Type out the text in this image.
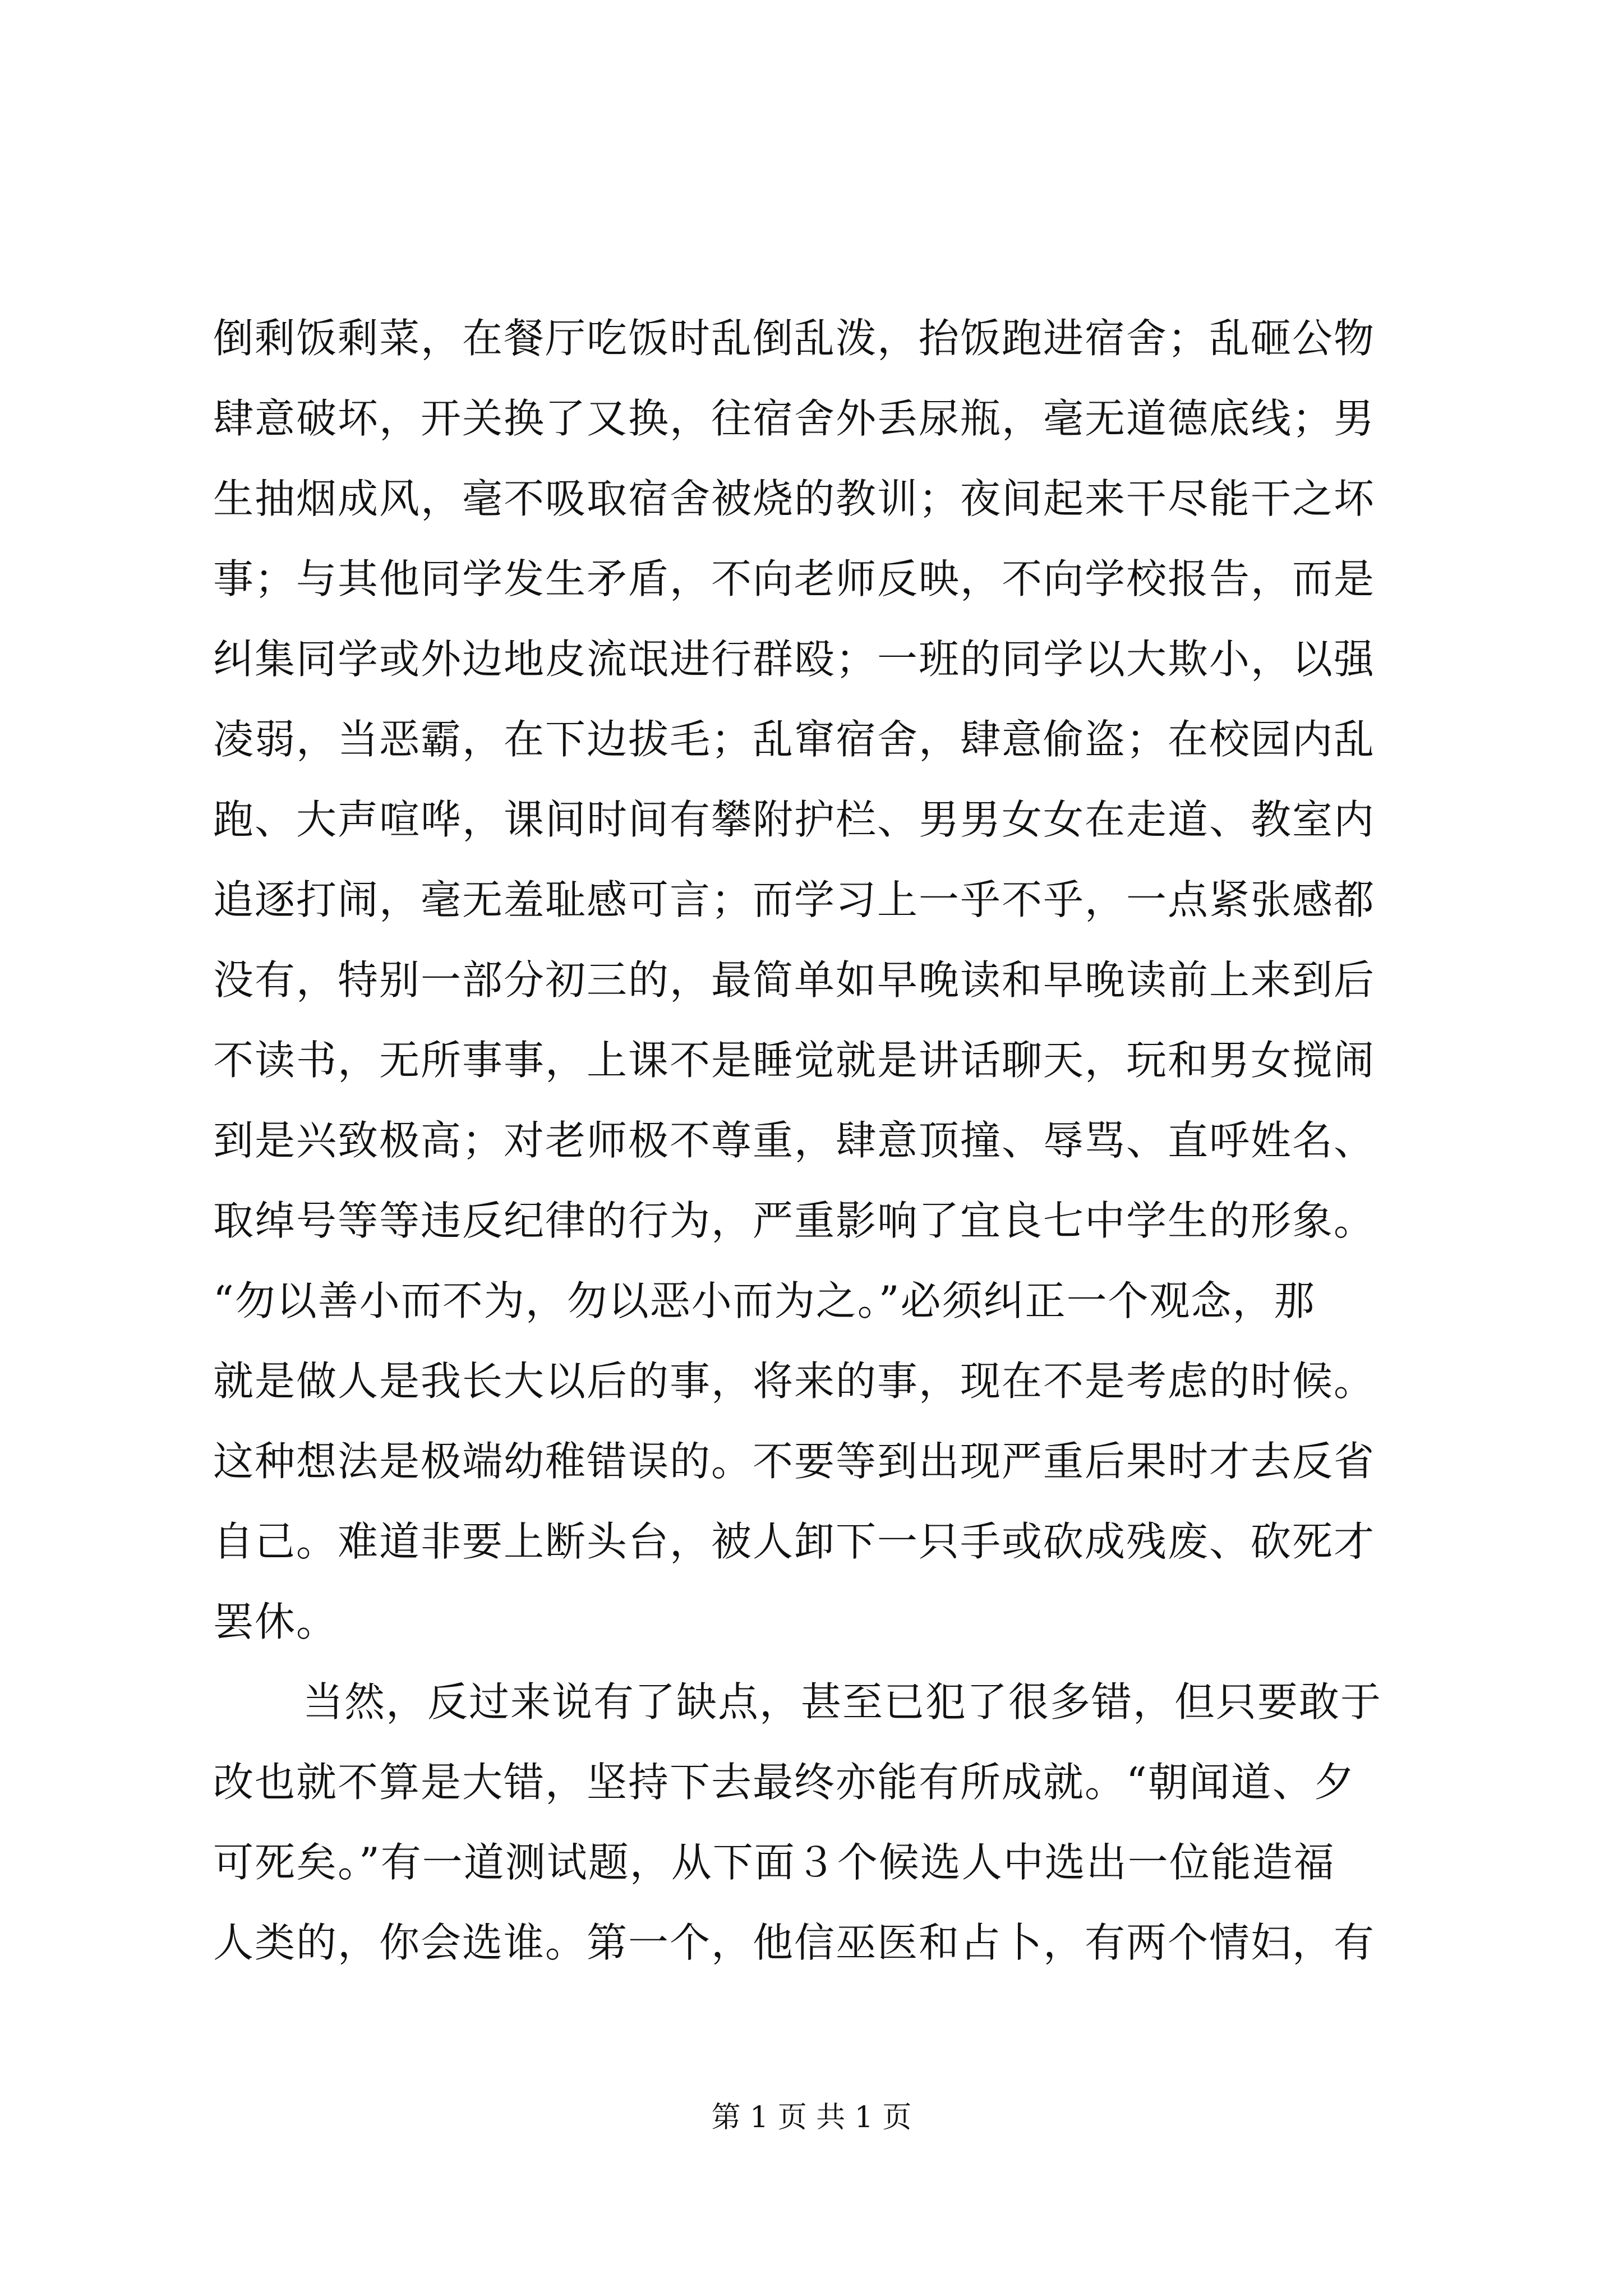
倒剩饭剩菜，在餐厅吃饭时乱倒乱泼，抬饭跑进宿舍；乱砸公物
肆意破坏，开关换了又换，往宿舍外丢尿瓶，毫无道德底线；男
生抽烟成风，毫不吸取宿舍被烧的教训；夜间起来干尽能干之坏
事；与其他同学发生矛盾，不向老师反映，不向学校报告，而是
纠集同学或外边地皮流氓进行群殴；一班的同学以大欺小，以强
凌弱，当恶霸，在下边拔毛；乱窜宿舍，肆意偷盗；在校园内乱
跑、大声喧哗，课间时间有攀附护栏、男男女女在走道、教室内
追逐打闹，毫无羞耻感可言；而学习上一乎不乎，一点紧张感都
没有，特别一部分初三的，最简单如早晚读和早晚读前上来到后
不读书，无所事事，上课不是睡觉就是讲话聊天，玩和男女搅闹
到是兴致极高；对老师极不尊重，肆意顶撞、辱骂、直呼姓名、
取绰号等等违反纪律的行为，严重影响了宜良七中学生的形象。
“勿以善小而不为，勿以恶小而为之。”必须纠正一个观念，那
就是做人是我长大以后的事，将来的事，现在不是考虑的时候。
这种想法是极端幼稚错误的。不要等到出现严重后果时才去反省
自己。难道非要上断头台，被人卸下一只手或砍成残废、砍死才
罢休。
当然，反过来说有了缺点，甚至已犯了很多错，但只要敢于
改也就不算是大错，坚持下去最终亦能有所成就。“朝闻道、夕
可死矣。”有一道测试题，从下面３个候选人中选出一位能造福
人类的，你会选谁。第一个，他信巫医和占卜，有两个情妇，有
第 1 页 共 1 页
